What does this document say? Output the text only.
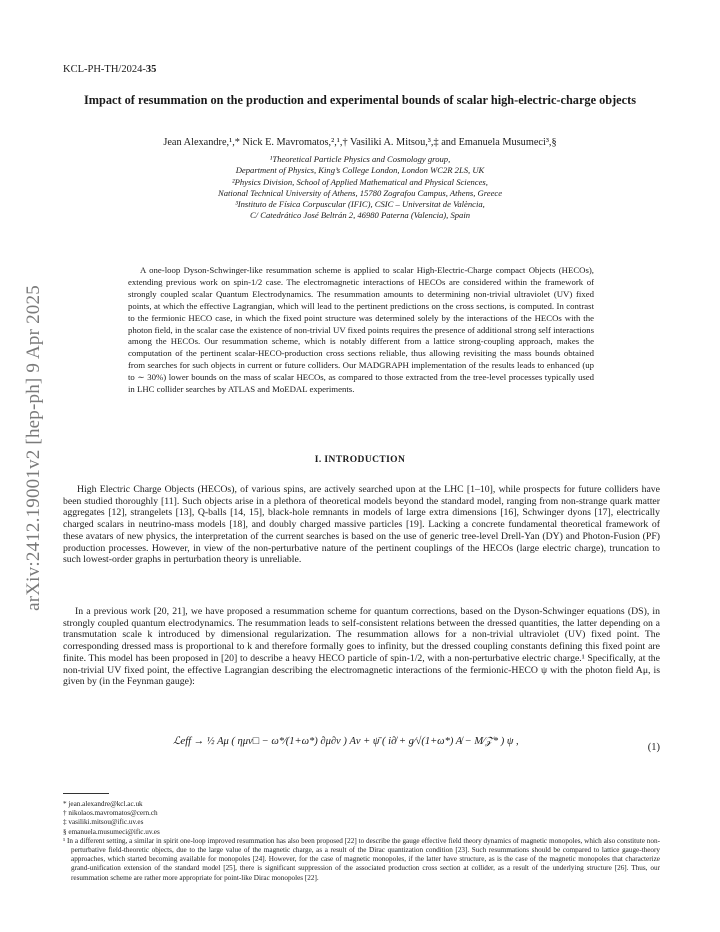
arXiv:2412.19001v2 [hep-ph] 9 Apr 2025
KCL-PH-TH/2024-35
Impact of resummation on the production and experimental bounds of scalar high-electric-charge objects
Jean Alexandre,¹,* Nick E. Mavromatos,²,¹,† Vasiliki A. Mitsou,³,‡ and Emanuela Musumeci³,§
¹Theoretical Particle Physics and Cosmology group,
Department of Physics, King’s College London, London WC2R 2LS, UK
²Physics Division, School of Applied Mathematical and Physical Sciences,
National Technical University of Athens, 15780 Zografou Campus, Athens, Greece
³Instituto de Física Corpuscular (IFIC), CSIC – Universitat de València,
C/ Catedrático José Beltrán 2, 46980 Paterna (Valencia), Spain
A one-loop Dyson-Schwinger-like resummation scheme is applied to scalar High-Electric-Charge compact Objects (HECOs), extending previous work on spin-1/2 case. The electromagnetic interactions of HECOs are considered within the framework of strongly coupled scalar Quantum Electrodynamics. The resummation amounts to determining non-trivial ultraviolet (UV) fixed points, at which the effective Lagrangian, which will lead to the pertinent predictions on the cross sections, is computed. In contrast to the fermionic HECO case, in which the fixed point structure was determined solely by the interactions of the HECOs with the photon field, in the scalar case the existence of non-trivial UV fixed points requires the presence of additional strong self interactions among the HECOs. Our resummation scheme, which is notably different from a lattice strong-coupling approach, makes the computation of the pertinent scalar-HECO-production cross sections reliable, thus allowing revisiting the mass bounds obtained from searches for such objects in current or future colliders. Our MADGRAPH implementation of the results leads to enhanced (up to ∼ 30%) lower bounds on the mass of scalar HECOs, as compared to those extracted from the tree-level processes typically used in LHC collider searches by ATLAS and MoEDAL experiments.
I. INTRODUCTION
High Electric Charge Objects (HECOs), of various spins, are actively searched upon at the LHC [1–10], while prospects for future colliders have been studied thoroughly [11]. Such objects arise in a plethora of theoretical models beyond the standard model, ranging from non-strange quark matter aggregates [12], strangelets [13], Q-balls [14, 15], black-hole remnants in models of large extra dimensions [16], Schwinger dyons [17], electrically charged scalars in neutrino-mass models [18], and doubly charged massive particles [19]. Lacking a concrete fundamental theoretical framework of these avatars of new physics, the interpretation of the current searches is based on the use of generic tree-level Drell-Yan (DY) and Photon-Fusion (PF) production processes. However, in view of the non-perturbative nature of the pertinent couplings of the HECOs (large electric charge), truncation to such lowest-order graphs in perturbation theory is unreliable.
In a previous work [20, 21], we have proposed a resummation scheme for quantum corrections, based on the Dyson-Schwinger equations (DS), in strongly coupled quantum electrodynamics. The resummation leads to self-consistent relations between the dressed quantities, the latter depending on a transmutation scale k introduced by dimensional regularization. The resummation allows for a non-trivial ultraviolet (UV) fixed point. The corresponding dressed mass is proportional to k and therefore formally goes to infinity, but the dressed coupling constants defining this fixed point are finite. This model has been proposed in [20] to describe a heavy HECO particle of spin-1/2, with a non-perturbative electric charge.¹ Specifically, at the non-trivial UV fixed point, the effective Lagrangian describing the electromagnetic interactions of the fermionic-HECO ψ with the photon field Aμ, is given by (in the Feynman gauge):
ℒeff → ½ Aμ ( ημν□ − ω*⁄(1+ω*) ∂μ∂ν ) Aν + ψ̄ ( i∂̸ + g⁄√(1+ω*) A̸ − M⁄𝒵* ) ψ ,
(1)
* jean.alexandre@kcl.ac.uk
† nikolaos.mavromatos@cern.ch
‡ vasiliki.mitsou@ific.uv.es
§ emanuela.musumeci@ific.uv.es
¹ In a different setting, a similar in spirit one-loop improved resummation has also been proposed [22] to describe the gauge effective field theory dynamics of magnetic monopoles, which also constitute non-perturbative field-theoretic objects, due to the large value of the magnetic charge, as a result of the Dirac quantization condition [23]. Such resummations should be compared to lattice gauge-theory approaches, which started becoming available for monopoles [24]. However, for the case of magnetic monopoles, if the latter have structure, as is the case of the magnetic monopoles that characterize grand-unification extension of the standard model [25], there is significant suppression of the associated production cross section at collider, as a result of the underlying structure [26]. Thus, our resummation scheme are rather more appropriate for point-like Dirac monopoles [22].
